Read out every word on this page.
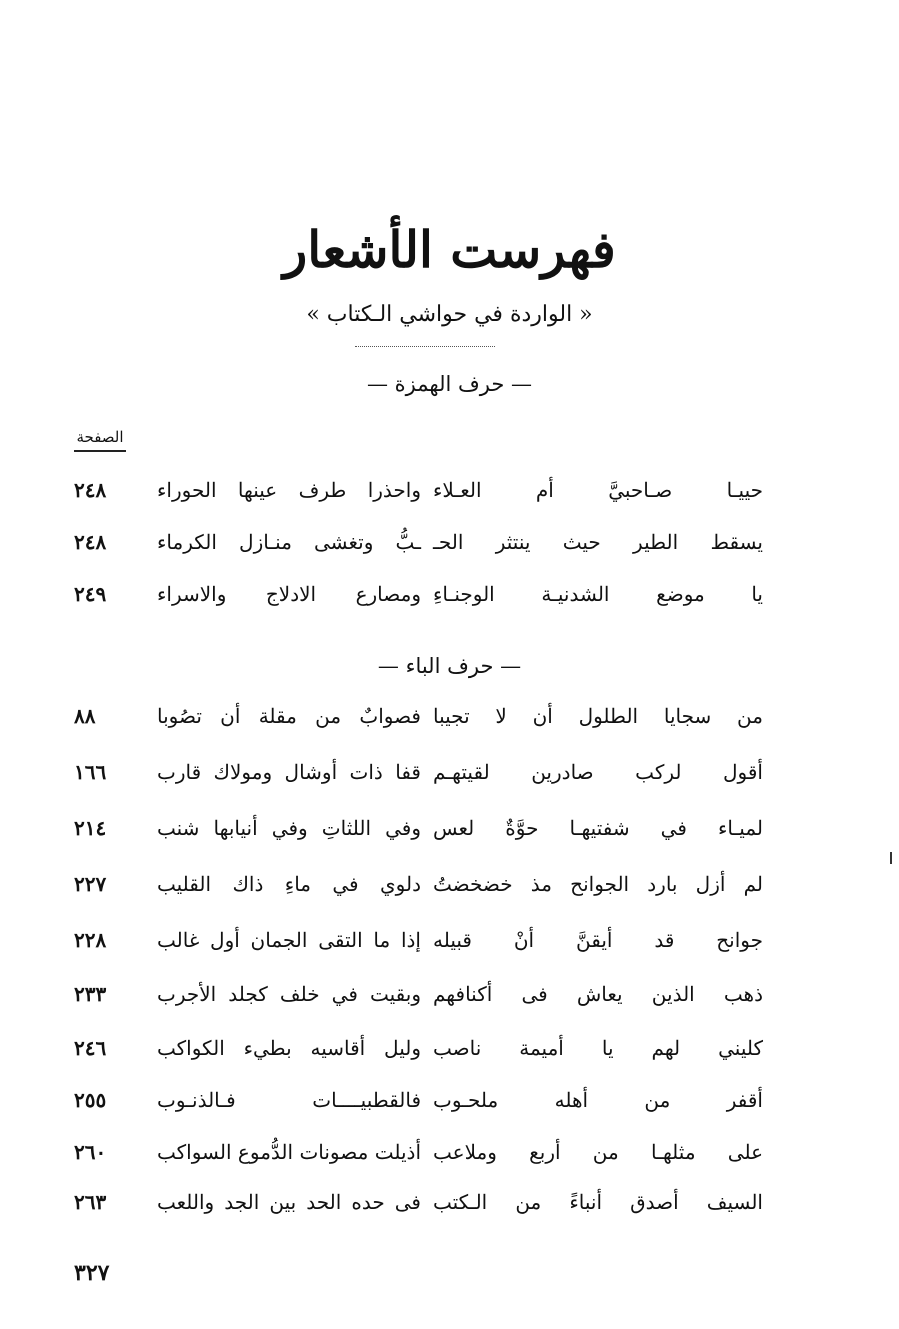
فهرست الأشعار
« الواردة في حواشي الـكتاب »
— حرف الهمزة —
الصفحة
حييـا صـاحبيَّ أم العـلاء
واحذرا طرف عينها الحوراء
٢٤٨
يسقط الطير حيث ينتثر الحـ
ـبُّ وتغشى منـازل الكرماء
٢٤٨
يا موضع الشدنيـة الوجنـاءِ
ومصارع الادلاج والاسراء
٢٤٩
— حرف الباء —
من سجايا الطلول أن لا تجيبا
فصوابٌ من مقلة أن تصُوبا
٨٨
أقول لركب صادرين لقيتهـم
قفا ذات أوشال ومولاك قارب
١٦٦
لميـاء في شفتيهـا حوَّةٌ لعس
وفي اللثاتِ وفي أنيابها شنب
٢١٤
لم أزل بارد الجوانح مذ خضخضتُ
دلوي في ماءِ ذاك القليب
٢٢٧
جوانح قد أيقنَّ أنْ قبيله
إذا ما التقى الجمان أول غالب
٢٢٨
ذهب الذين يعاش فى أكنافهم
وبقيت في خلف كجلد الأجرب
٢٣٣
كليني لهم يا أميمة ناصب
وليل أقاسيه بطيء الكواكب
٢٤٦
أقفر من أهله ملحـوب
فالقطبيــــات فـالذنـوب
٢٥٥
على مثلهـا من أربع وملاعب
أذيلت مصونات الدُّموع السواكب
٢٦٠
السيف أصدق أنباءً من الـكتب
فى حده الحد بين الجد واللعب
٢٦٣
٣٢٧
